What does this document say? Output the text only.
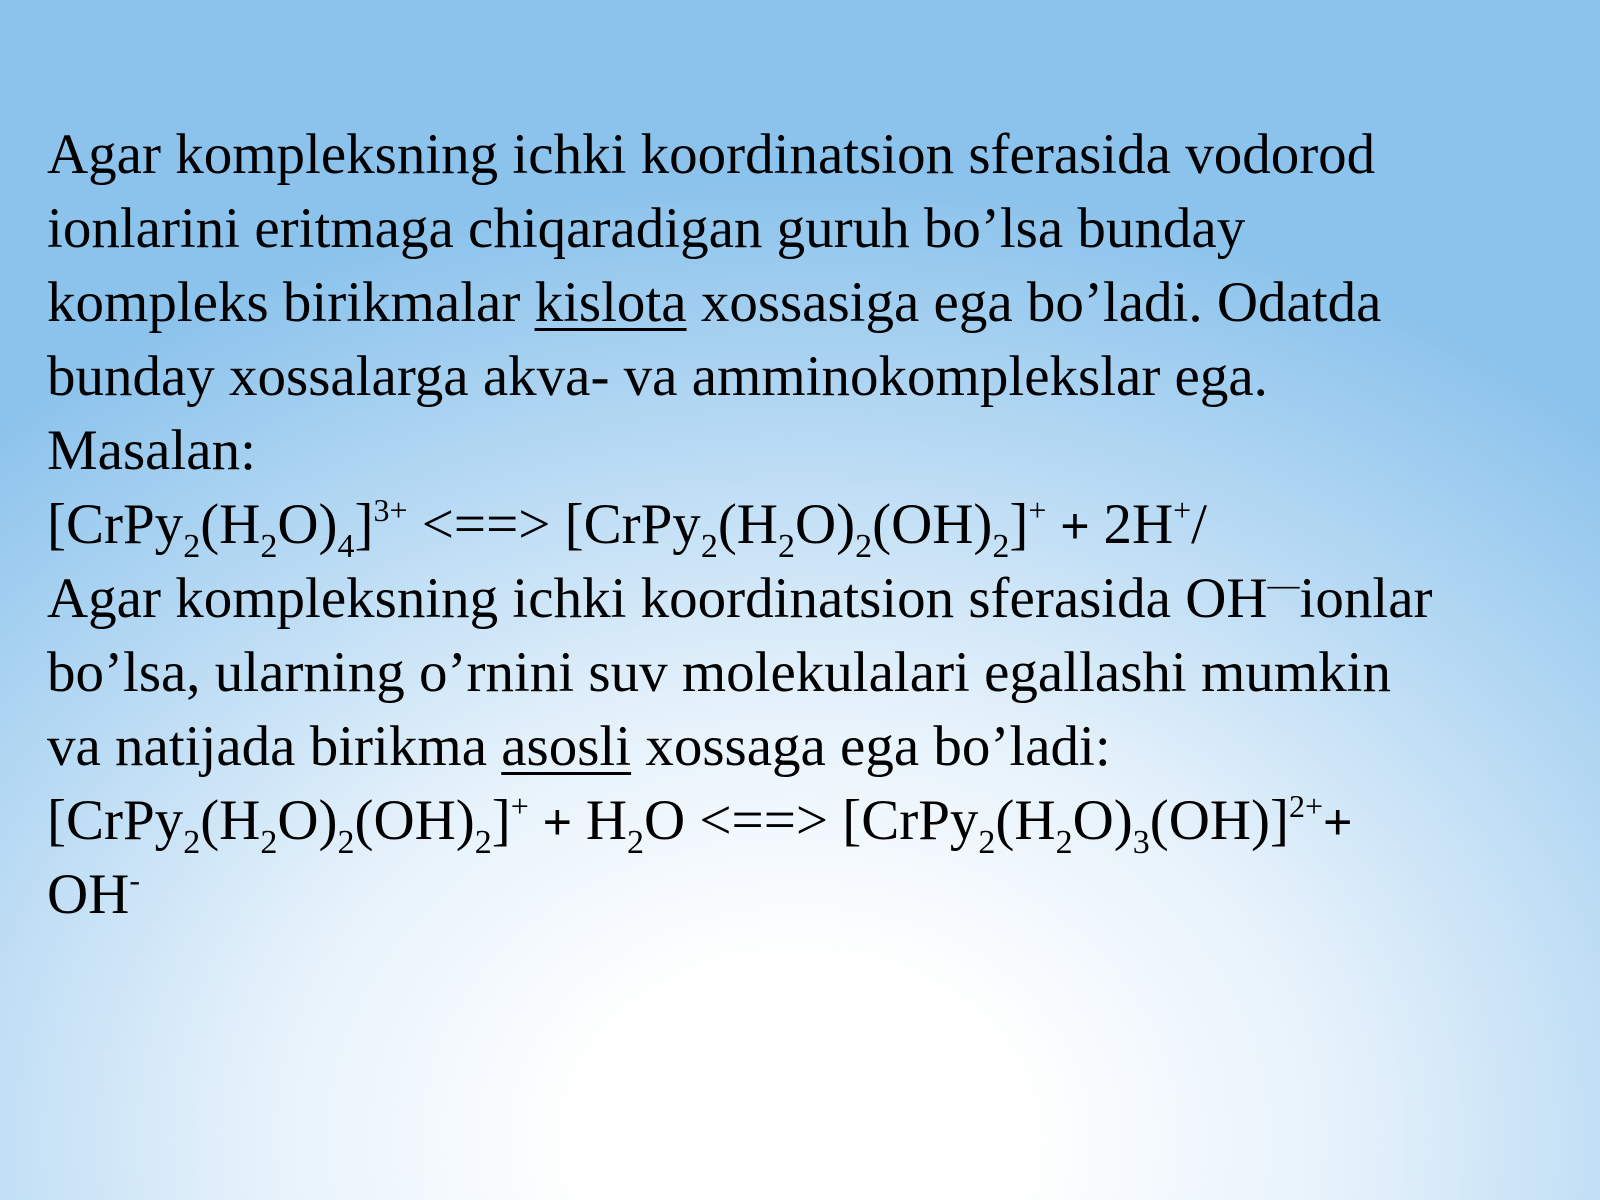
Agar kompleksning ichki koordinatsion sferasida vodorod
ionlarini eritmaga chiqaradigan guruh bo’lsa bunday
kompleks birikmalar kislota xossasiga ega bo’ladi. Odatda
bunday xossalarga akva- va amminokomplekslar ega.
Masalan:
$[CrPy_2(H_2O)_4]^{3+}$ <==> $[CrPy_2(H_2O)_2(OH)_2]^+ + 2H^+/$
Agar kompleksning ichki koordinatsion sferasida OH—ionlar
bo’lsa, ularning o’rnini suv molekulalari egallashi mumkin
va natijada birikma asosli xossaga ega bo’ladi:
$[CrPy_2(H_2O)_2(OH)_2]^+ + H_2O$ <==> $[CrPy_2(H_2O)_3(OH)]^{2+}+$
OH-
